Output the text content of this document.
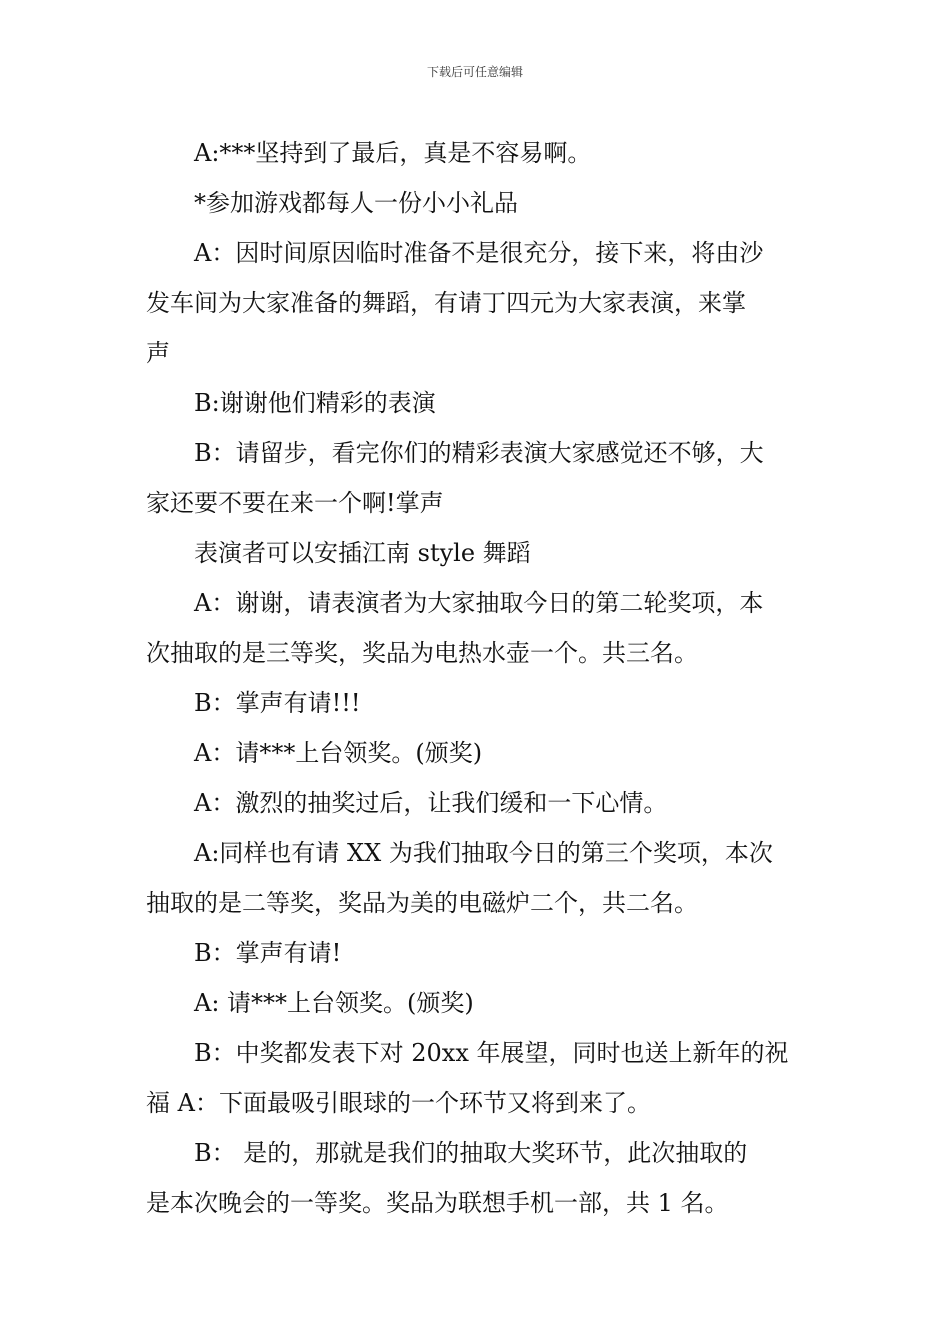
下载后可任意编辑

A:***坚持到了最后，真是不容易啊。

*参加游戏都每人一份小小礼品

A：因时间原因临时准备不是很充分，接下来，将由沙

发车间为大家准备的舞蹈，有请丁四元为大家表演，来掌

声

B:谢谢他们精彩的表演

B：请留步，看完你们的精彩表演大家感觉还不够，大

家还要不要在来一个啊!掌声

表演者可以安插江南 style 舞蹈

A：谢谢，请表演者为大家抽取今日的第二轮奖项，本

次抽取的是三等奖，奖品为电热水壶一个。共三名。

B：掌声有请!!!

A：请***上台领奖。(颁奖)

A：激烈的抽奖过后，让我们缓和一下心情。

A:同样也有请 XX 为我们抽取今日的第三个奖项，本次

抽取的是二等奖，奖品为美的电磁炉二个，共二名。

B：掌声有请!

A: 请***上台领奖。(颁奖)

B：中奖都发表下对 20xx 年展望，同时也送上新年的祝

福 A：下面最吸引眼球的一个环节又将到来了。

B： 是的，那就是我们的抽取大奖环节，此次抽取的

是本次晚会的一等奖。奖品为联想手机一部，共 1 名。
